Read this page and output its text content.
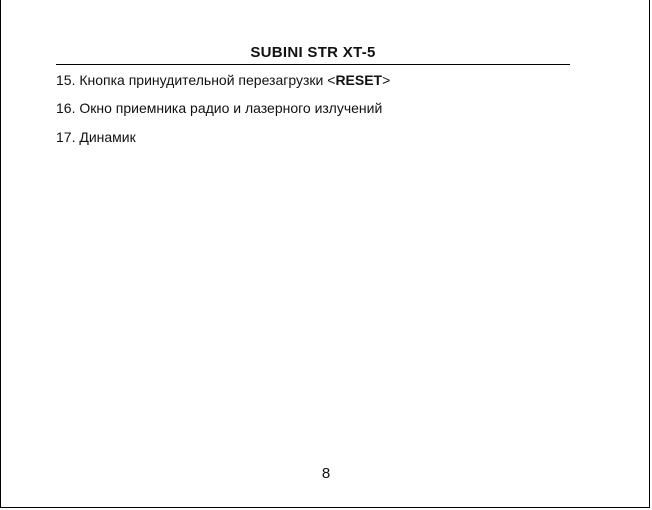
SUBINI STR XT-5
15. Кнопка принудительной перезагрузки <RESET>
16. Окно приемника радио и лазерного излучений
17. Динамик
8
